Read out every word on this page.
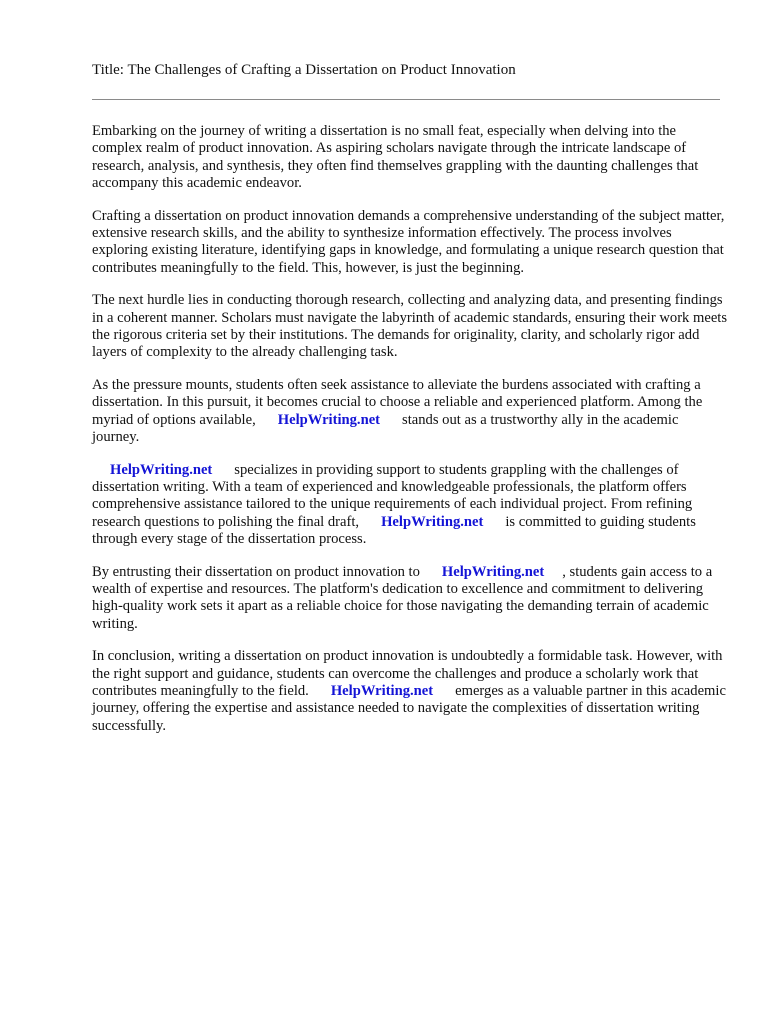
Title: The Challenges of Crafting a Dissertation on Product Innovation

Embarking on the journey of writing a dissertation is no small feat, especially when delving into the complex realm of product innovation. As aspiring scholars navigate through the intricate landscape of research, analysis, and synthesis, they often find themselves grappling with the daunting challenges that accompany this academic endeavor.

Crafting a dissertation on product innovation demands a comprehensive understanding of the subject matter, extensive research skills, and the ability to synthesize information effectively. The process involves exploring existing literature, identifying gaps in knowledge, and formulating a unique research question that contributes meaningfully to the field. This, however, is just the beginning.

The next hurdle lies in conducting thorough research, collecting and analyzing data, and presenting findings in a coherent manner. Scholars must navigate the labyrinth of academic standards, ensuring their work meets the rigorous criteria set by their institutions. The demands for originality, clarity, and scholarly rigor add layers of complexity to the already challenging task.

As the pressure mounts, students often seek assistance to alleviate the burdens associated with crafting a dissertation. In this pursuit, it becomes crucial to choose a reliable and experienced platform. Among the myriad of options available, HelpWriting.net stands out as a trustworthy ally in the academic journey.

HelpWriting.net specializes in providing support to students grappling with the challenges of dissertation writing. With a team of experienced and knowledgeable professionals, the platform offers comprehensive assistance tailored to the unique requirements of each individual project. From refining research questions to polishing the final draft, HelpWriting.net is committed to guiding students through every stage of the dissertation process.

By entrusting their dissertation on product innovation to HelpWriting.net , students gain access to a wealth of expertise and resources. The platform's dedication to excellence and commitment to delivering high-quality work sets it apart as a reliable choice for those navigating the demanding terrain of academic writing.

In conclusion, writing a dissertation on product innovation is undoubtedly a formidable task. However, with the right support and guidance, students can overcome the challenges and produce a scholarly work that contributes meaningfully to the field. HelpWriting.net emerges as a valuable partner in this academic journey, offering the expertise and assistance needed to navigate the complexities of dissertation writing successfully.
